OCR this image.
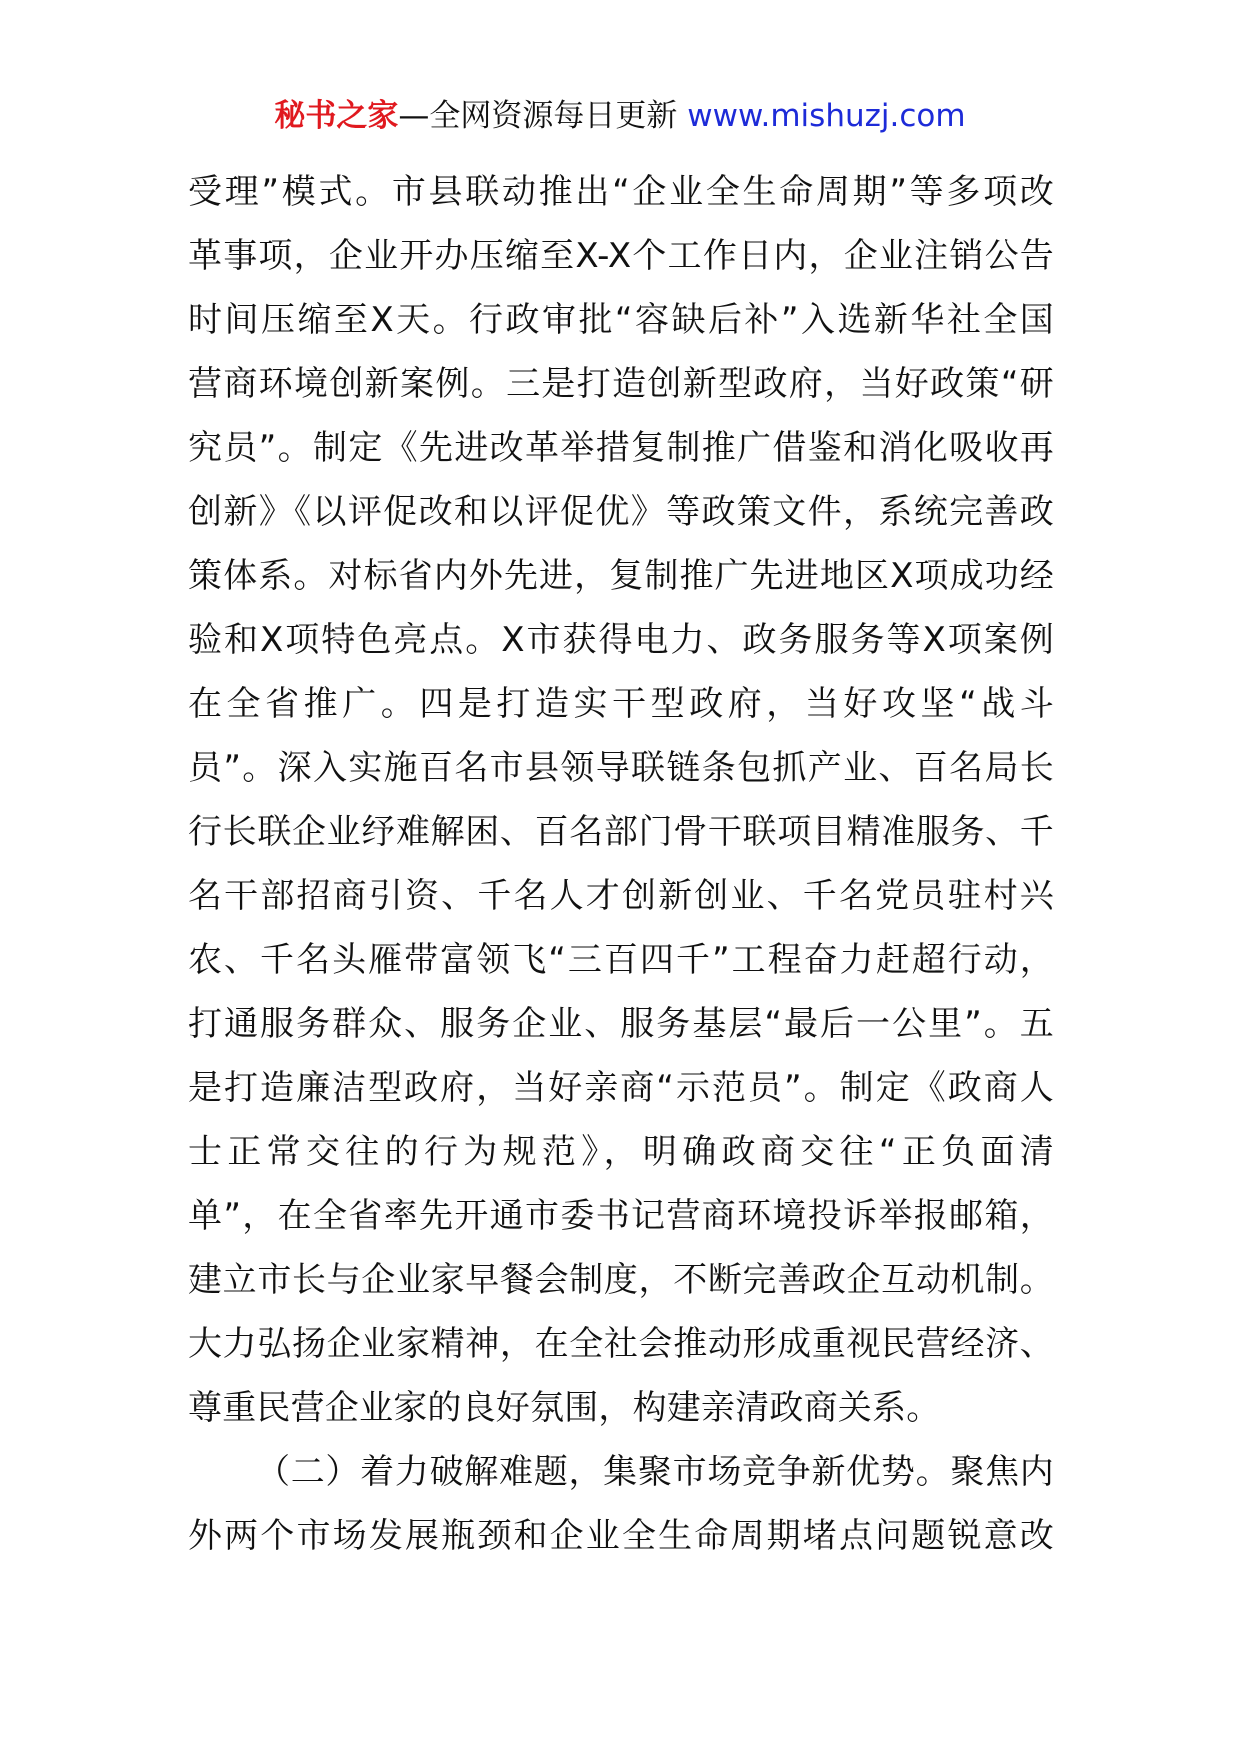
秘书之家—全网资源每日更新 www.mishuzj.com
受理”模式。市县联动推出“企业全生命周期”等多项改
革事项，企业开办压缩至X-X个工作日内，企业注销公告
时间压缩至X天。行政审批“容缺后补”入选新华社全国
营商环境创新案例。三是打造创新型政府，当好政策“研
究员”。制定《先进改革举措复制推广借鉴和消化吸收再
创新》《以评促改和以评促优》等政策文件，系统完善政
策体系。对标省内外先进，复制推广先进地区X项成功经
验和X项特色亮点。X市获得电力、政务服务等X项案例
在全省推广。四是打造实干型政府，当好攻坚“战斗
员”。深入实施百名市县领导联链条包抓产业、百名局长
行长联企业纾难解困、百名部门骨干联项目精准服务、千
名干部招商引资、千名人才创新创业、千名党员驻村兴
农、千名头雁带富领飞“三百四千”工程奋力赶超行动，
打通服务群众、服务企业、服务基层“最后一公里”。五
是打造廉洁型政府，当好亲商“示范员”。制定《政商人
士正常交往的行为规范》，明确政商交往“正负面清
单”，在全省率先开通市委书记营商环境投诉举报邮箱，
建立市长与企业家早餐会制度，不断完善政企互动机制。
大力弘扬企业家精神，在全社会推动形成重视民营经济、
尊重民营企业家的良好氛围，构建亲清政商关系。
（二）着力破解难题，集聚市场竞争新优势。聚焦内
外两个市场发展瓶颈和企业全生命周期堵点问题锐意改
